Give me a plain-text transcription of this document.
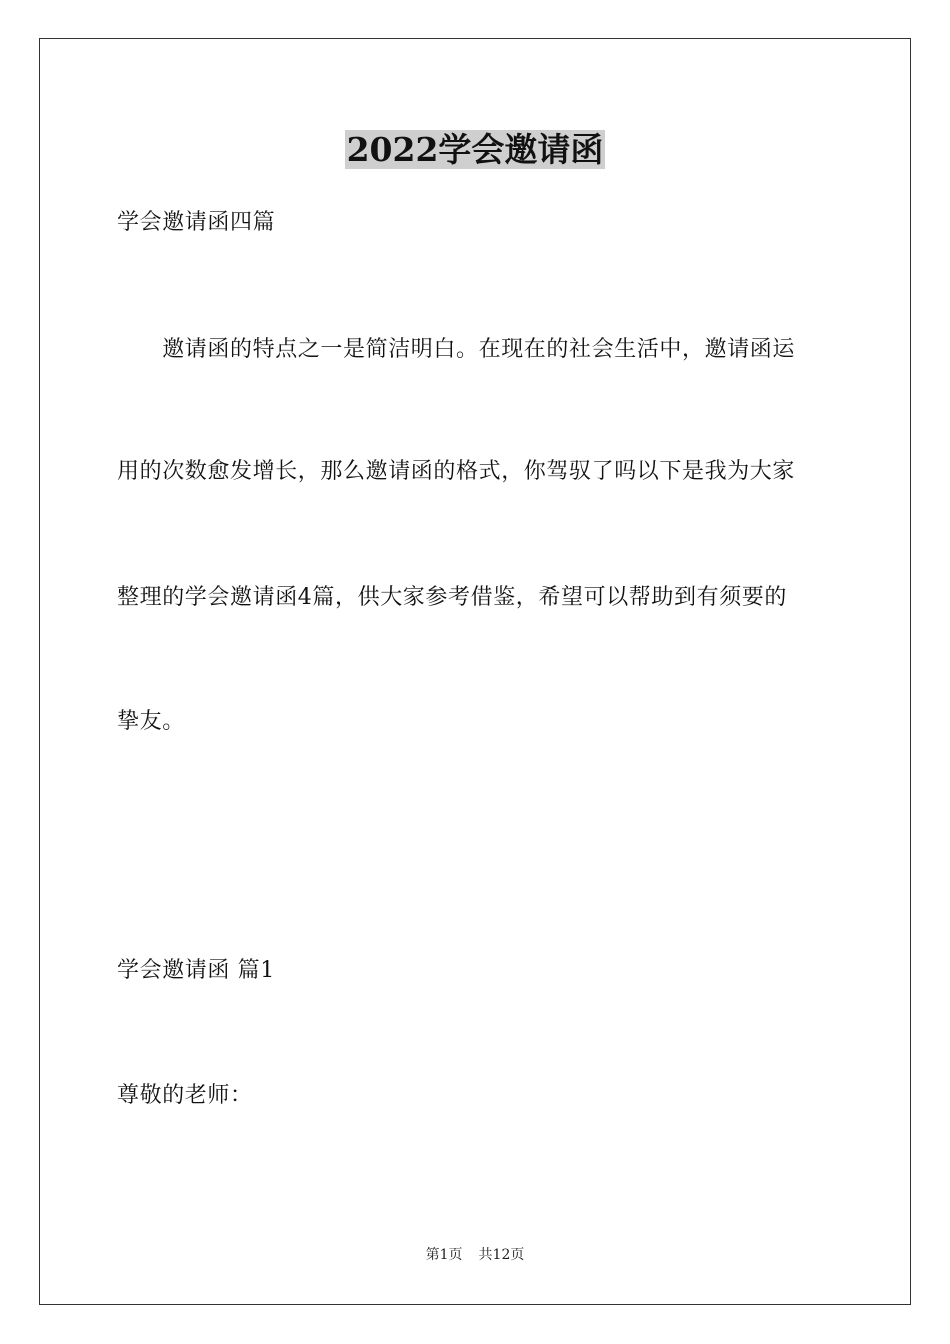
2022学会邀请函

学会邀请函四篇

　　邀请函的特点之一是简洁明白。在现在的社会生活中，邀请函运

用的次数愈发增长，那么邀请函的格式，你驾驭了吗以下是我为大家

整理的学会邀请函4篇，供大家参考借鉴，希望可以帮助到有须要的

挚友。

学会邀请函 篇1

尊敬的老师：

第1页 共12页
